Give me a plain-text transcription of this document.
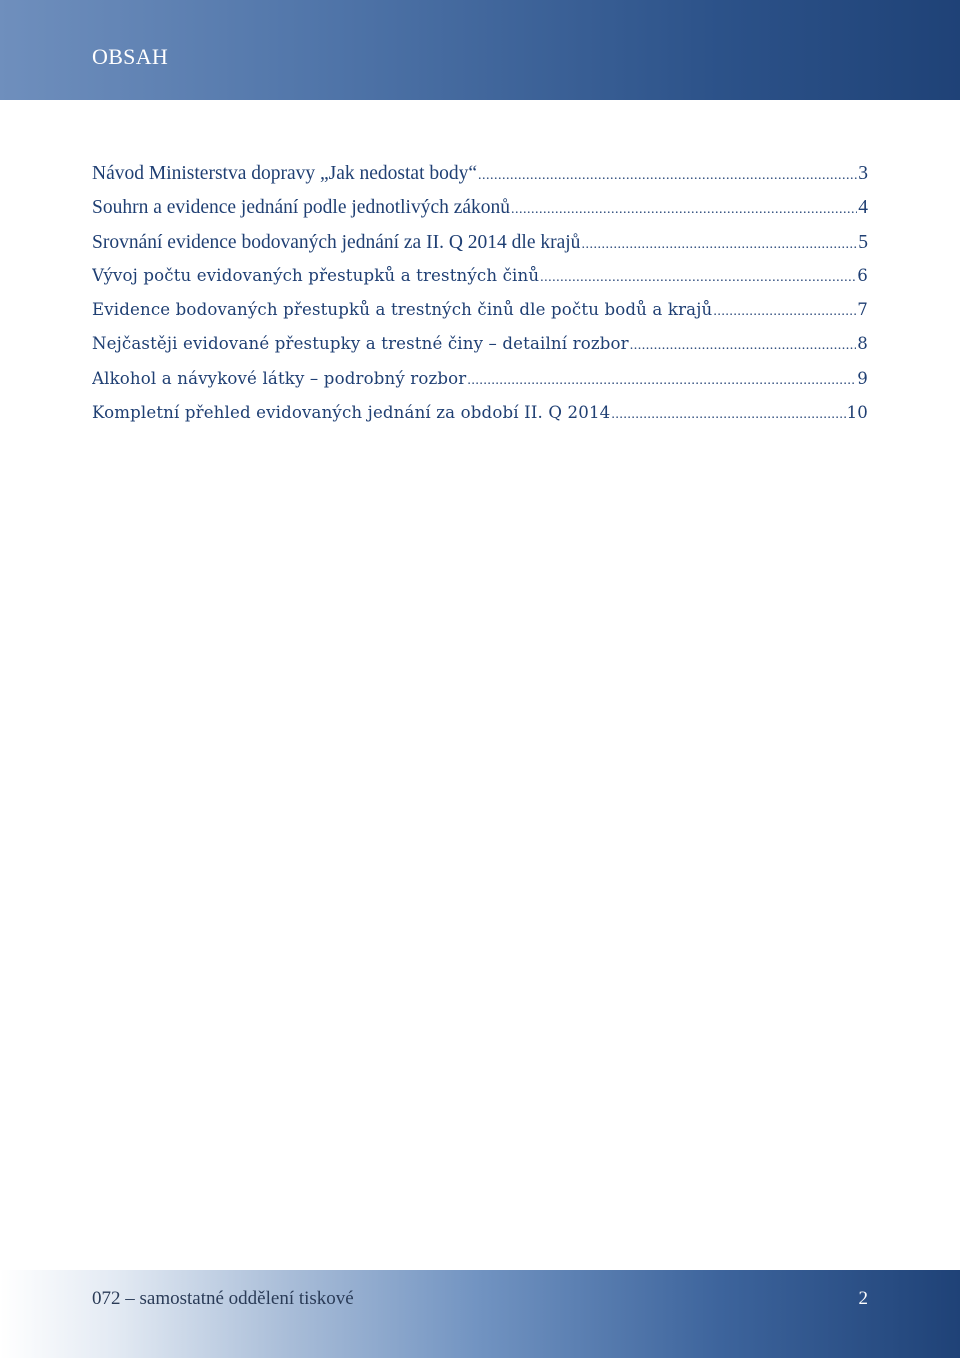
OBSAH
Návod Ministerstva dopravy „Jak nedostat body“ .....	3
Souhrn a evidence jednání podle jednotlivých zákonů .....	4
Srovnání evidence bodovaných jednání za II. Q 2014 dle krajů .....	5
Vývoj počtu evidovaných přestupků a trestných činů .....	6
Evidence bodovaných přestupků a trestných činů dle počtu bodů a krajů .....	7
Nejčastěji evidované přestupky a trestné činy – detailní rozbor .....	8
Alkohol a návykové látky – podrobný rozbor .....	9
Kompletní přehled evidovaných jednání za období II. Q 2014 .....	10
072 – samostatné oddělení tiskové	2
